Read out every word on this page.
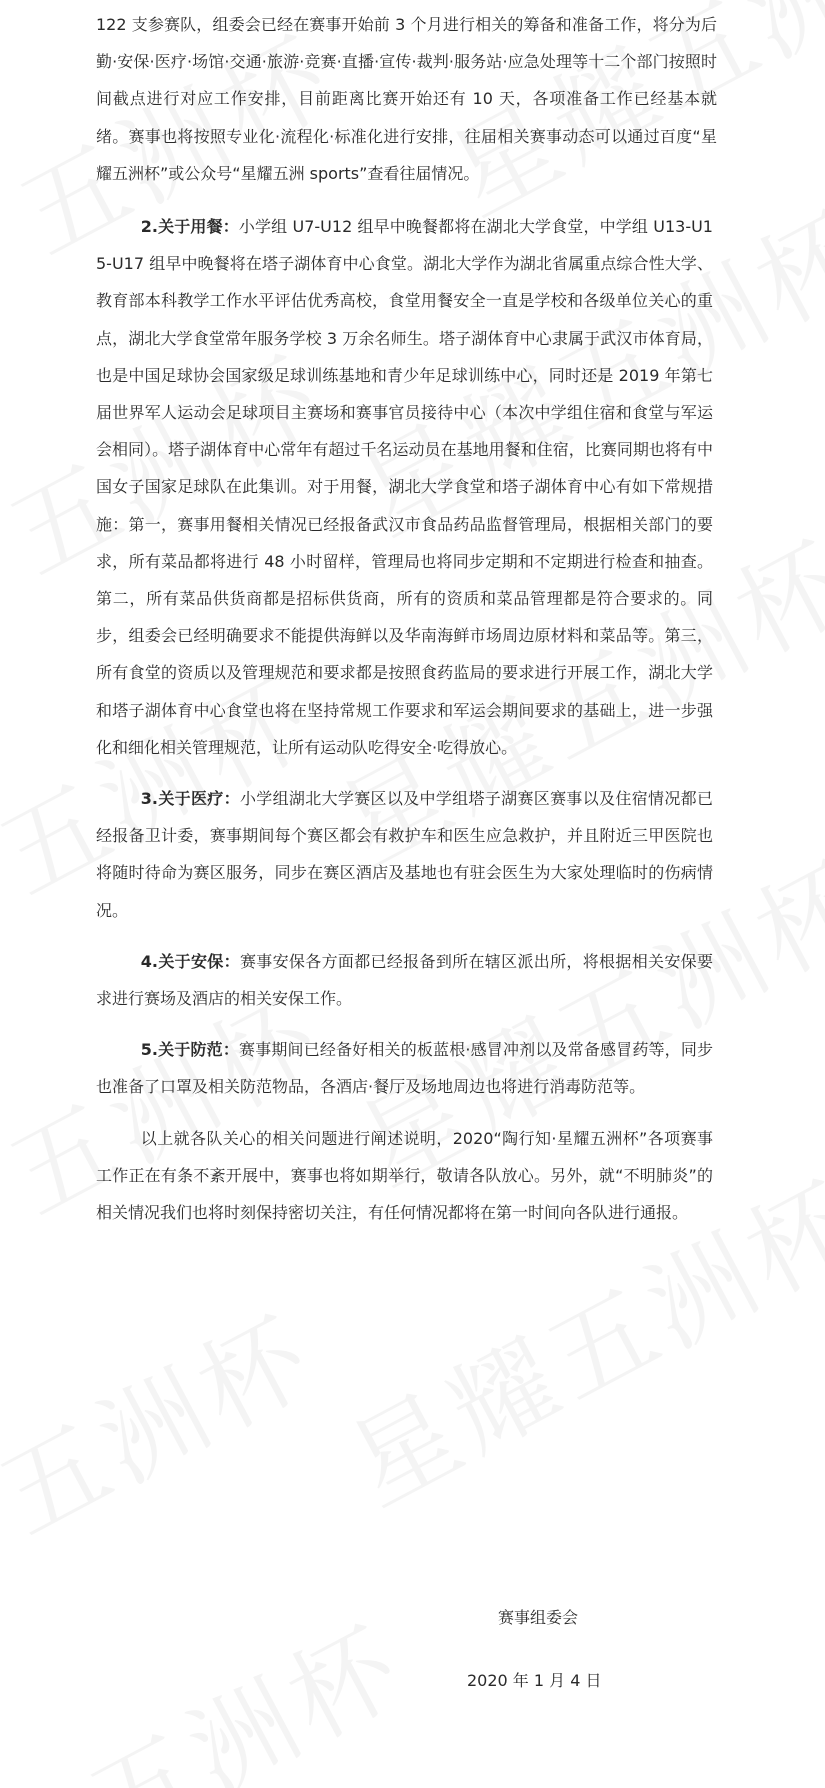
122 支参赛队，组委会已经在赛事开始前 3 个月进行相关的筹备和准备工作，将分为后勤·安保·医疗·场馆·交通·旅游·竞赛·直播·宣传·裁判·服务站·应急处理等十二个部门按照时间截点进行对应工作安排，目前距离比赛开始还有 10 天，各项准备工作已经基本就绪。赛事也将按照专业化·流程化·标准化进行安排，往届相关赛事动态可以通过百度“星耀五洲杯”或公众号“星耀五洲 sports”查看往届情况。

2.关于用餐：小学组 U7-U12 组早中晚餐都将在湖北大学食堂，中学组 U13-U15-U17 组早中晚餐将在塔子湖体育中心食堂。湖北大学作为湖北省属重点综合性大学、教育部本科教学工作水平评估优秀高校，食堂用餐安全一直是学校和各级单位关心的重点，湖北大学食堂常年服务学校 3 万余名师生。塔子湖体育中心隶属于武汉市体育局，也是中国足球协会国家级足球训练基地和青少年足球训练中心，同时还是 2019 年第七届世界军人运动会足球项目主赛场和赛事官员接待中心（本次中学组住宿和食堂与军运会相同）。塔子湖体育中心常年有超过千名运动员在基地用餐和住宿，比赛同期也将有中国女子国家足球队在此集训。对于用餐，湖北大学食堂和塔子湖体育中心有如下常规措施：第一，赛事用餐相关情况已经报备武汉市食品药品监督管理局，根据相关部门的要求，所有菜品都将进行 48 小时留样，管理局也将同步定期和不定期进行检查和抽查。第二，所有菜品供货商都是招标供货商，所有的资质和菜品管理都是符合要求的。同步，组委会已经明确要求不能提供海鲜以及华南海鲜市场周边原材料和菜品等。第三，所有食堂的资质以及管理规范和要求都是按照食药监局的要求进行开展工作，湖北大学和塔子湖体育中心食堂也将在坚持常规工作要求和军运会期间要求的基础上，进一步强化和细化相关管理规范，让所有运动队吃得安全·吃得放心。

3.关于医疗：小学组湖北大学赛区以及中学组塔子湖赛区赛事以及住宿情况都已经报备卫计委，赛事期间每个赛区都会有救护车和医生应急救护，并且附近三甲医院也将随时待命为赛区服务，同步在赛区酒店及基地也有驻会医生为大家处理临时的伤病情况。

4.关于安保：赛事安保各方面都已经报备到所在辖区派出所，将根据相关安保要求进行赛场及酒店的相关安保工作。

5.关于防范：赛事期间已经备好相关的板蓝根·感冒冲剂以及常备感冒药等，同步也准备了口罩及相关防范物品，各酒店·餐厅及场地周边也将进行消毒防范等。

以上就各队关心的相关问题进行阐述说明，2020“陶行知·星耀五洲杯”各项赛事工作正在有条不紊开展中，赛事也将如期举行，敬请各队放心。另外，就“不明肺炎”的相关情况我们也将时刻保持密切关注，有任何情况都将在第一时间向各队进行通报。

赛事组委会
2020 年 1 月 4 日
